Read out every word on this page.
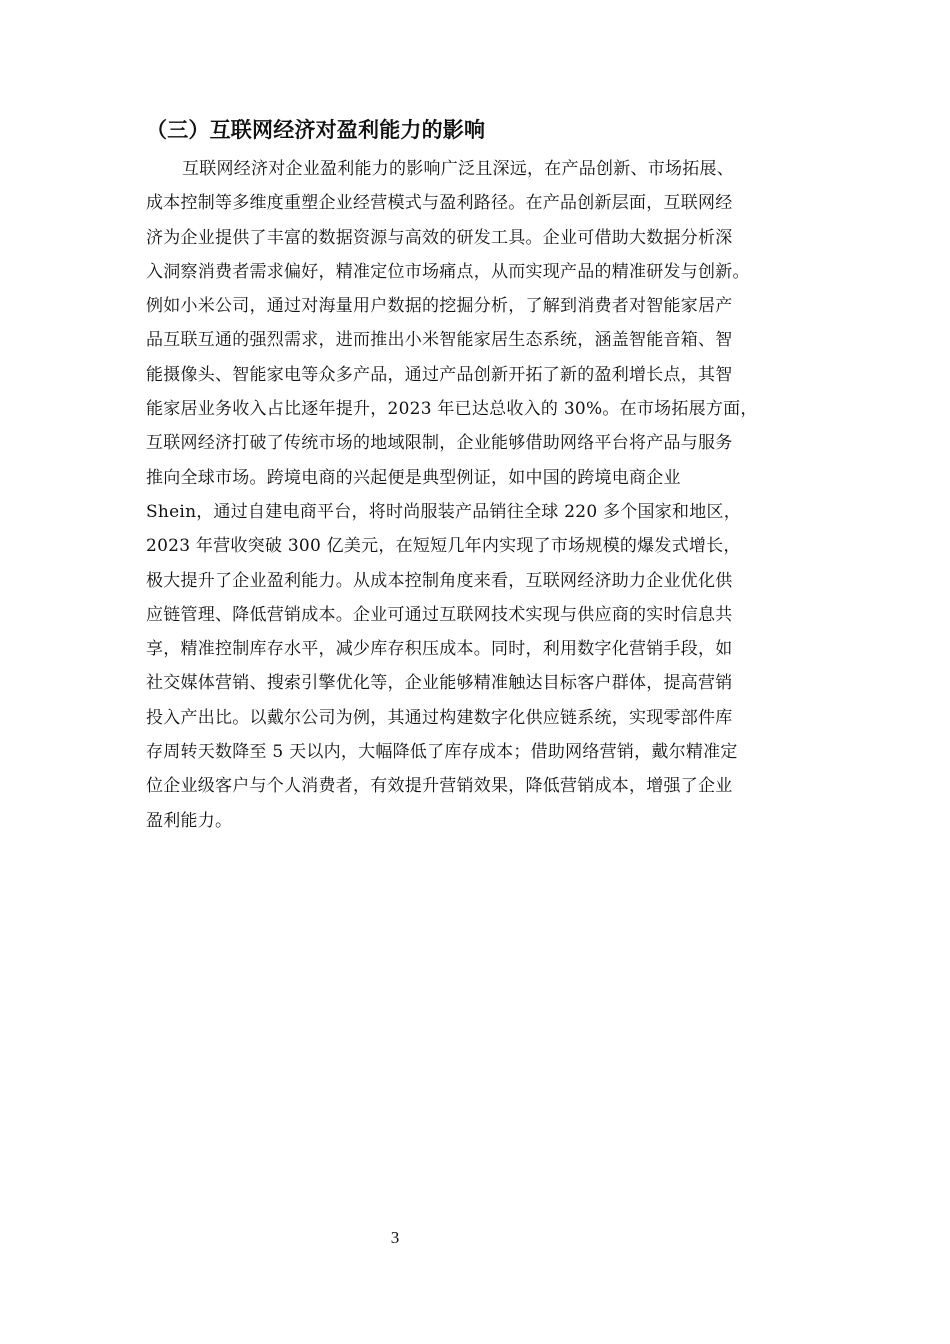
（三）互联网经济对盈利能力的影响
互联网经济对企业盈利能力的影响广泛且深远，在产品创新、市场拓展、
成本控制等多维度重塑企业经营模式与盈利路径。在产品创新层面，互联网经
济为企业提供了丰富的数据资源与高效的研发工具。企业可借助大数据分析深
入洞察消费者需求偏好，精准定位市场痛点，从而实现产品的精准研发与创新。
例如小米公司，通过对海量用户数据的挖掘分析，了解到消费者对智能家居产
品互联互通的强烈需求，进而推出小米智能家居生态系统，涵盖智能音箱、智
能摄像头、智能家电等众多产品，通过产品创新开拓了新的盈利增长点，其智
能家居业务收入占比逐年提升，2023 年已达总收入的 30%。在市场拓展方面，
互联网经济打破了传统市场的地域限制，企业能够借助网络平台将产品与服务
推向全球市场。跨境电商的兴起便是典型例证，如中国的跨境电商企业
Shein，通过自建电商平台，将时尚服装产品销往全球 220 多个国家和地区，
2023 年营收突破 300 亿美元，在短短几年内实现了市场规模的爆发式增长，
极大提升了企业盈利能力。从成本控制角度来看，互联网经济助力企业优化供
应链管理、降低营销成本。企业可通过互联网技术实现与供应商的实时信息共
享，精准控制库存水平，减少库存积压成本。同时，利用数字化营销手段，如
社交媒体营销、搜索引擎优化等，企业能够精准触达目标客户群体，提高营销
投入产出比。以戴尔公司为例，其通过构建数字化供应链系统，实现零部件库
存周转天数降至 5 天以内，大幅降低了库存成本；借助网络营销，戴尔精准定
位企业级客户与个人消费者，有效提升营销效果，降低营销成本，增强了企业
盈利能力。
3
